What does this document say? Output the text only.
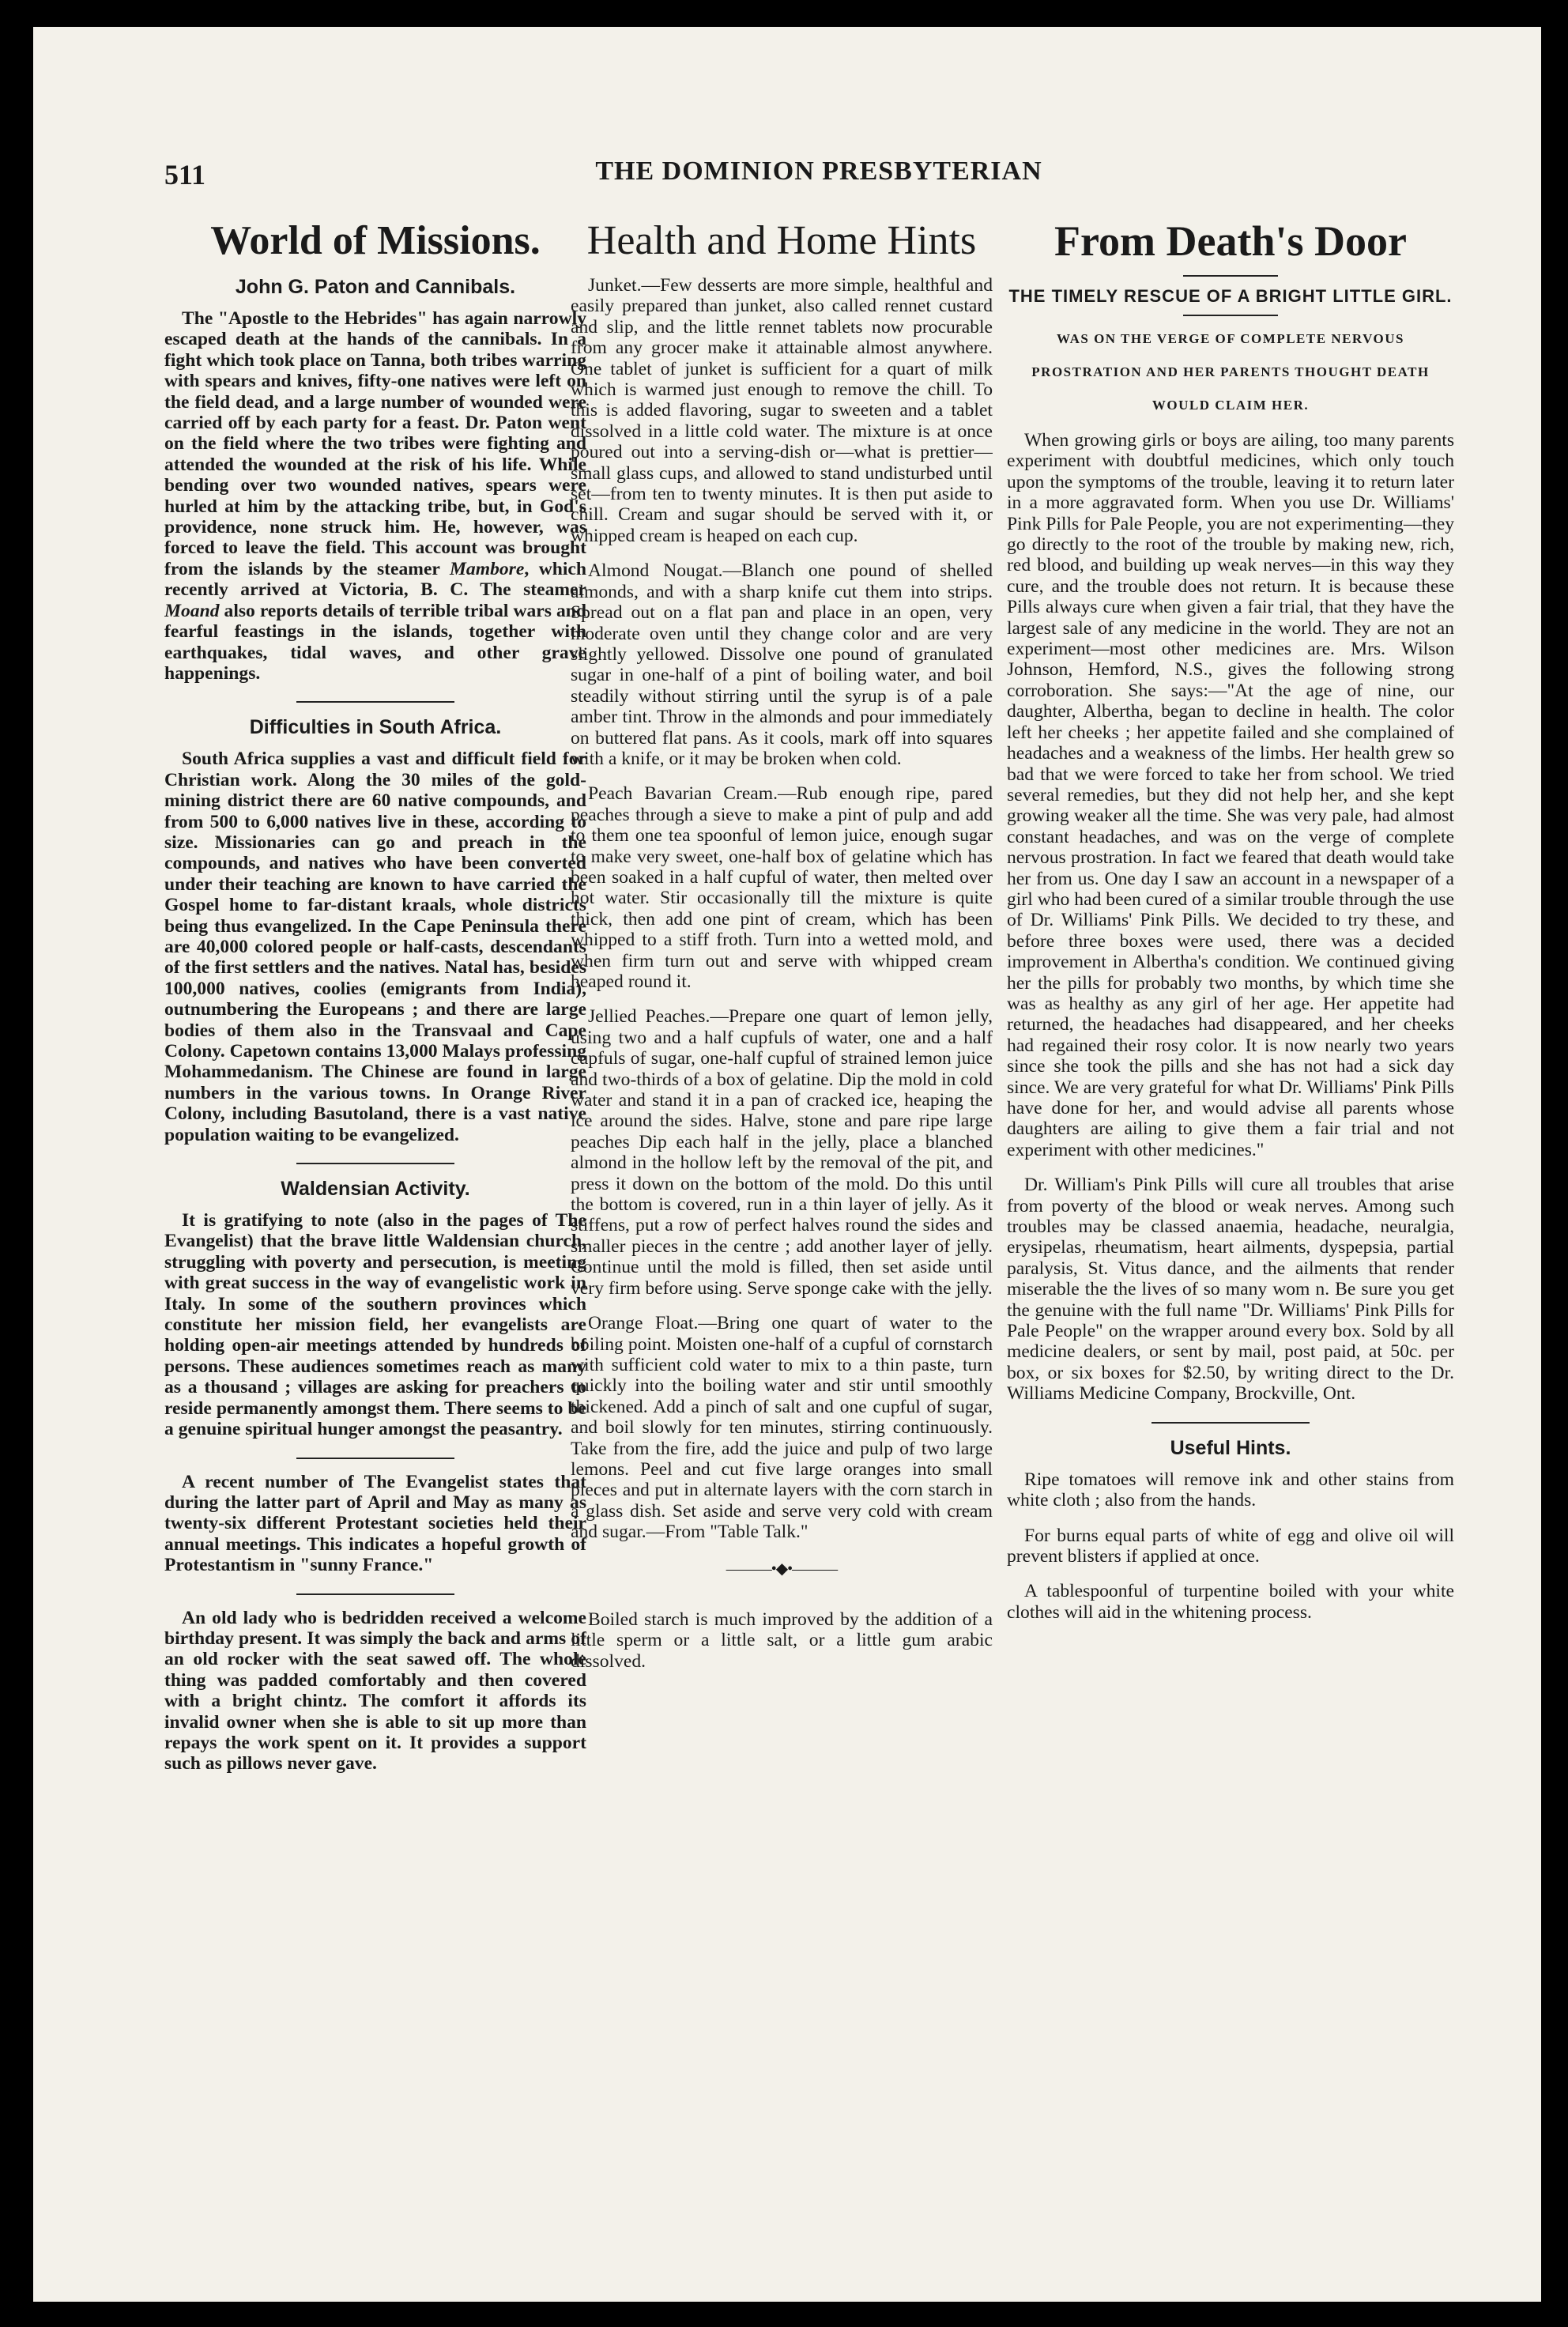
511	THE DOMINION PRESBYTERIAN
World of Missions.
John G. Paton and Cannibals.

The "Apostle to the Hebrides" has again narrowly escaped death at the hands of the cannibals. In a fight which took place on Tanna, both tribes warring with spears and knives, fifty-one natives were left on the field dead, and a large number of wounded were carried off by each party for a feast. Dr. Paton went on the field where the two tribes were fighting and attended the wounded at the risk of his life. While bending over two wounded natives, spears were hurled at him by the attacking tribe, but, in God's providence, none struck him. He, however, was forced to leave the field. This account was brought from the islands by the steamer Mambore, which recently arrived at Victoria, B. C. The steamer Moand also reports details of terrible tribal wars and fearful feastings in the islands, together with earthquakes, tidal waves, and other grave happenings.

Difficulties in South Africa.

South Africa supplies a vast and difficult field for Christian work. Along the 30 miles of the gold-mining district there are 60 native compounds, and from 500 to 6,000 natives live in these, according to size. Missionaries can go and preach in the compounds, and natives who have been converted under their teaching are known to have carried the Gospel home to far-distant kraals, whole districts being thus evangelized. In the Cape Peninsula there are 40,000 colored people or half-casts, descendants of the first settlers and the natives. Natal has, besides 100,000 natives, coolies (emigrants from India), outnumbering the Europeans ; and there are large bodies of them also in the Transvaal and Cape Colony. Capetown contains 13,000 Malays professing Mohammedanism. The Chinese are found in large numbers in the various towns. In Orange River Colony, including Basutoland, there is a vast native population waiting to be evangelized.

Waldensian Activity.

It is gratifying to note (also in the pages of The Evangelist) that the brave little Waldensian church, struggling with poverty and persecution, is meeting with great success in the way of evangelistic work in Italy. In some of the southern provinces which constitute her mission field, her evangelists are holding open-air meetings attended by hundreds of persons. These audiences sometimes reach as many as a thousand ; villages are asking for preachers to reside permanently amongst them. There seems to be a genuine spiritual hunger amongst the peasantry.

A recent number of The Evangelist states that during the latter part of April and May as many as twenty-six different Protestant societies held their annual meetings. This indicates a hopeful growth of Protestantism in "sunny France."

An old lady who is bedridden received a welcome birthday present. It was simply the back and arms of an old rocker with the seat sawed off. The whole thing was padded comfortably and then covered with a bright chintz. The comfort it affords its invalid owner when she is able to sit up more than repays the work spent on it. It provides a support such as pillows never gave.

Health and Home Hints

Junket.—Few desserts are more simple, healthful and easily prepared than junket, also called rennet custard and slip, and the little rennet tablets now procurable from any grocer make it attainable almost anywhere. One tablet of junket is sufficient for a quart of milk which is warmed just enough to remove the chill. To this is added flavoring, sugar to sweeten and a tablet dissolved in a little cold water. The mixture is at once poured out into a serving-dish or—what is prettier—small glass cups, and allowed to stand undisturbed until set—from ten to twenty minutes. It is then put aside to chill. Cream and sugar should be served with it, or whipped cream is heaped on each cup.

Almond Nougat.—Blanch one pound of shelled almonds, and with a sharp knife cut them into strips. Spread out on a flat pan and place in an open, very moderate oven until they change color and are very slightly yellowed. Dissolve one pound of granulated sugar in one-half of a pint of boiling water, and boil steadily without stirring until the syrup is of a pale amber tint. Throw in the almonds and pour immediately on buttered flat pans. As it cools, mark off into squares with a knife, or it may be broken when cold.

Peach Bavarian Cream.—Rub enough ripe, pared peaches through a sieve to make a pint of pulp and add to them one tea spoonful of lemon juice, enough sugar to make very sweet, one-half box of gelatine which has been soaked in a half cupful of water, then melted over hot water. Stir occasionally till the mixture is quite thick, then add one pint of cream, which has been whipped to a stiff froth. Turn into a wetted mold, and when firm turn out and serve with whipped cream heaped round it.

Jellied Peaches.—Prepare one quart of lemon jelly, using two and a half cupfuls of water, one and a half cupfuls of sugar, one-half cupful of strained lemon juice and two-thirds of a box of gelatine. Dip the mold in cold water and stand it in a pan of cracked ice, heaping the ice around the sides. Halve, stone and pare ripe large peaches Dip each half in the jelly, place a blanched almond in the hollow left by the removal of the pit, and press it down on the bottom of the mold. Do this until the bottom is covered, run in a thin layer of jelly. As it stiffens, put a row of perfect halves round the sides and smaller pieces in the centre ; add another layer of jelly. Continue until the mold is filled, then set aside until very firm before using. Serve sponge cake with the jelly.

Orange Float.—Bring one quart of water to the boiling point. Moisten one-half of a cupful of cornstarch with sufficient cold water to mix to a thin paste, turn quickly into the boiling water and stir until smoothly thickened. Add a pinch of salt and one cupful of sugar, and boil slowly for ten minutes, stirring continuously. Take from the fire, add the juice and pulp of two large lemons. Peel and cut five large oranges into small pieces and put in alternate layers with the corn starch in a glass dish. Set aside and serve very cold with cream and sugar.—From "Table Talk."

———•◆•———

Boiled starch is much improved by the addition of a little sperm or a little salt, or a little gum arabic dissolved.

From Death's Door
THE TIMELY RESCUE OF A BRIGHT LITTLE GIRL.
WAS ON THE VERGE OF COMPLETE NERVOUS PROSTRATION AND HER PARENTS THOUGHT DEATH WOULD CLAIM HER.

When growing girls or boys are ailing, too many parents experiment with doubtful medicines, which only touch upon the symptoms of the trouble, leaving it to return later in a more aggravated form. When you use Dr. Williams' Pink Pills for Pale People, you are not experimenting—they go directly to the root of the trouble by making new, rich, red blood, and building up weak nerves—in this way they cure, and the trouble does not return. It is because these Pills always cure when given a fair trial, that they have the largest sale of any medicine in the world. They are not an experiment—most other medicines are. Mrs. Wilson Johnson, Hemford, N.S., gives the following strong corroboration. She says:—"At the age of nine, our daughter, Albertha, began to decline in health. The color left her cheeks ; her appetite failed and she complained of headaches and a weakness of the limbs. Her health grew so bad that we were forced to take her from school. We tried several remedies, but they did not help her, and she kept growing weaker all the time. She was very pale, had almost constant headaches, and was on the verge of complete nervous prostration. In fact we feared that death would take her from us. One day I saw an account in a newspaper of a girl who had been cured of a similar trouble through the use of Dr. Williams' Pink Pills. We decided to try these, and before three boxes were used, there was a decided improvement in Albertha's condition. We continued giving her the pills for probably two months, by which time she was as healthy as any girl of her age. Her appetite had returned, the headaches had disappeared, and her cheeks had regained their rosy color. It is now nearly two years since she took the pills and she has not had a sick day since. We are very grateful for what Dr. Williams' Pink Pills have done for her, and would advise all parents whose daughters are ailing to give them a fair trial and not experiment with other medicines."

Dr. William's Pink Pills will cure all troubles that arise from poverty of the blood or weak nerves. Among such troubles may be classed anaemia, headache, neuralgia, erysipelas, rheumatism, heart ailments, dyspepsia, partial paralysis, St. Vitus dance, and the ailments that render miserable the the lives of so many wom n. Be sure you get the genuine with the full name "Dr. Williams' Pink Pills for Pale People" on the wrapper around every box. Sold by all medicine dealers, or sent by mail, post paid, at 50c. per box, or six boxes for $2.50, by writing direct to the Dr. Williams Medicine Company, Brockville, Ont.

Useful Hints.

Ripe tomatoes will remove ink and other stains from white cloth ; also from the hands.

For burns equal parts of white of egg and olive oil will prevent blisters if applied at once.

A tablespoonful of turpentine boiled with your white clothes will aid in the whitening process.
